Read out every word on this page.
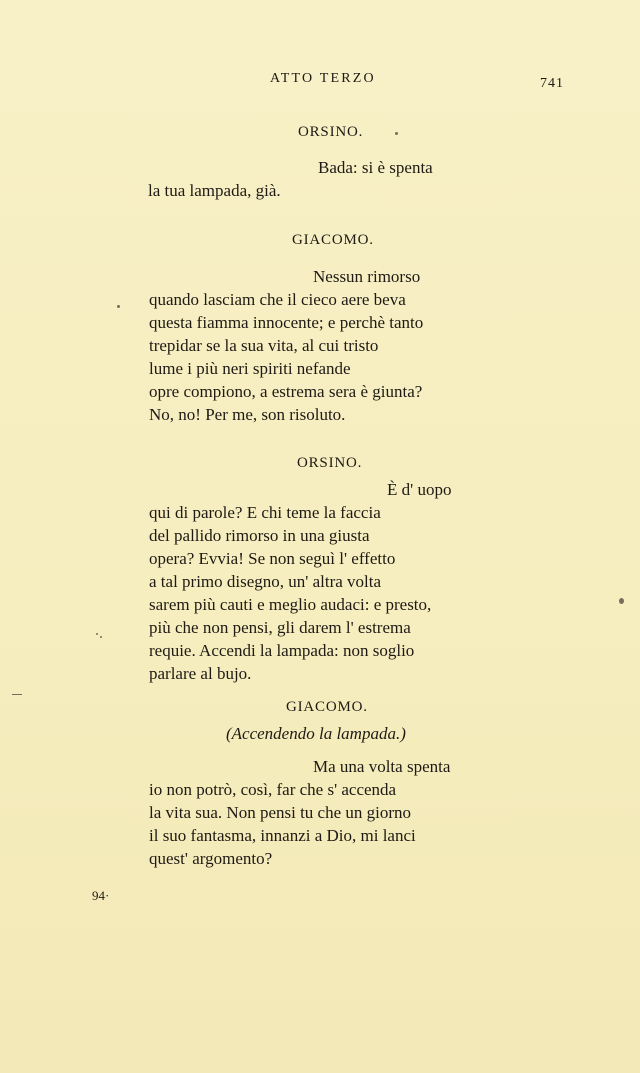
ATTO TERZO	741
ORSINO.
Bada: si è spenta
la tua lampada, già.
GIACOMO.
Nessun rimorso
quando lasciam che il cieco aere beva
questa fiamma innocente; e perchè tanto
trepidar se la sua vita, al cui tristo
lume i più neri spiriti nefande
opre compiono, a estrema sera è giunta?
No, no! Per me, son risoluto.
ORSINO.
È d' uopo
qui di parole? E chi teme la faccia
del pallido rimorso in una giusta
opera? Evvia! Se non seguì l' effetto
a tal primo disegno, un' altra volta
sarem più cauti e meglio audaci: e presto,
più che non pensi, gli darem l' estrema
requie. Accendi la lampada: non soglio
parlare al bujo.
GIACOMO.
(Accendendo la lampada.)
Ma una volta spenta
io non potrò, così, far che s' accenda
la vita sua. Non pensi tu che un giorno
il suo fantasma, innanzi a Dio, mi lanci
quest' argomento?
94·
